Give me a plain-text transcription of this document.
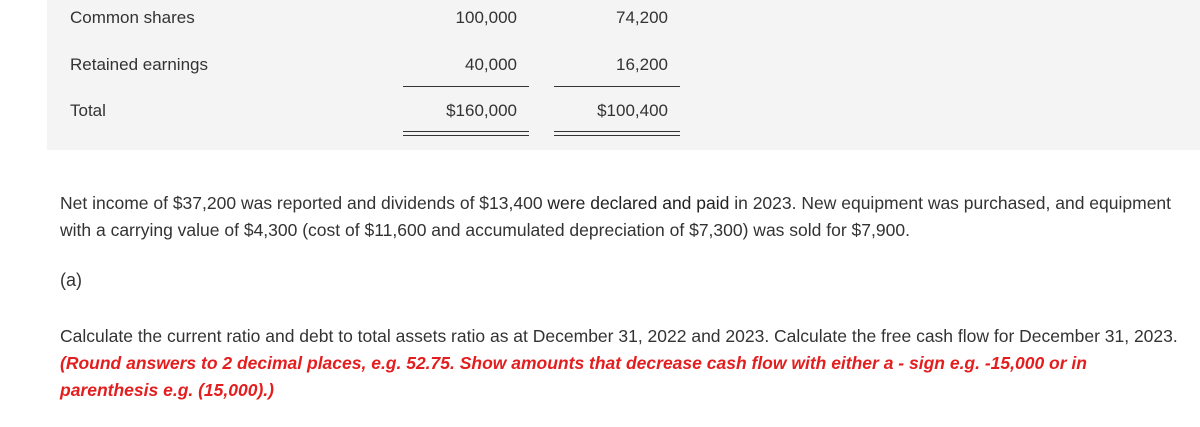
Common shares	100,000	74,200
Retained earnings	40,000	16,200
Total	$160,000	$100,400

Net income of $37,200 was reported and dividends of $13,400 were declared and paid in 2023. New equipment was purchased, and equipment with a carrying value of $4,300 (cost of $11,600 and accumulated depreciation of $7,300) was sold for $7,900.

(a)

Calculate the current ratio and debt to total assets ratio as at December 31, 2022 and 2023. Calculate the free cash flow for December 31, 2023. (Round answers to 2 decimal places, e.g. 52.75. Show amounts that decrease cash flow with either a - sign e.g. -15,000 or in parenthesis e.g. (15,000).)
